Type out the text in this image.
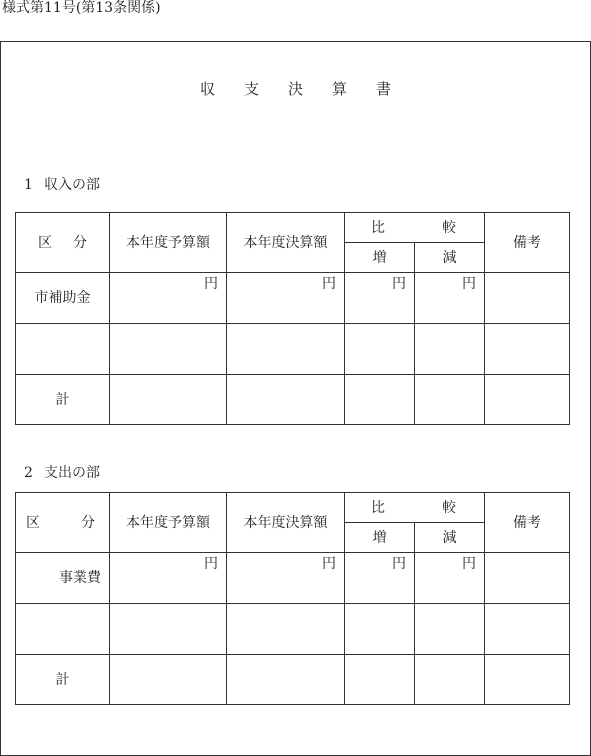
様式第11号(第13条関係)
収 支 決 算 書
1 収入の部
区 分	本年度予算額	本年度決算額	比 較		備考
			増	減	
市補助金	円	円	円	円	

計					
2 支出の部
区 分	本年度予算額	本年度決算額	比 較		備考
			増	減	
事業費	円	円	円	円	

計					
